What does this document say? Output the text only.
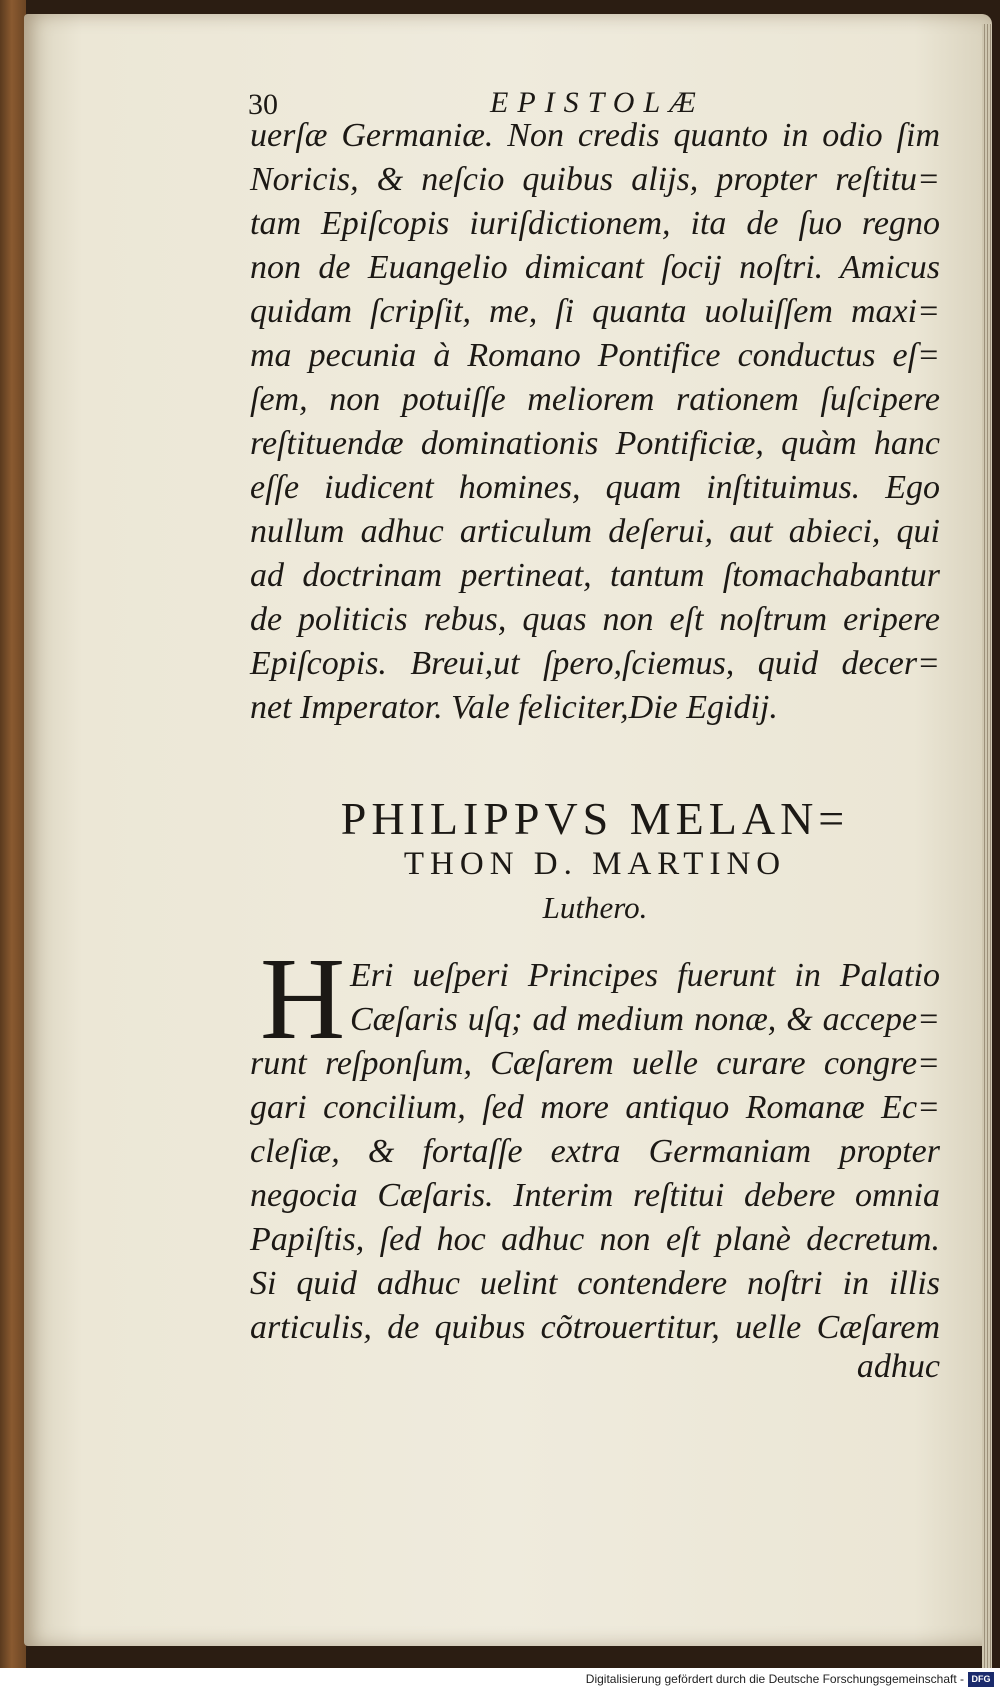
30	EPISTOLÆ
uerſæ Germaniæ. Non credis quanto in odio ſim
Noricis, & neſcio quibus alijs, propter reſtitu=
tam Epiſcopis iuriſdictionem, ita de ſuo regno
non de Euangelio dimicant ſocij noſtri. Amicus
quidam ſcripſit, me, ſi quanta uoluiſſem maxi=
ma pecunia à Romano Pontifice conductus eſ=
ſem, non potuiſſe meliorem rationem ſuſcipere
reſtituendæ dominationis Pontificiæ, quàm hanc
eſſe iudicent homines, quam inſtituimus. Ego
nullum adhuc articulum deſerui, aut abieci, qui
ad doctrinam pertineat, tantum ſtomachabantur
de politicis rebus, quas non eſt noſtrum eripere
Epiſcopis. Breui,ut ſpero,ſciemus, quid decer=
net Imperator. Vale feliciter,Die Egidij.
PHILIPPVS MELAN=
THON D. MARTINO
Luthero.
H Eri ueſperi Principes fuerunt in Palatio
Cæſaris uſq; ad medium nonæ, & accepe=
runt reſponſum, Cæſarem uelle curare congre=
gari concilium, ſed more antiquo Romanæ Ec=
cleſiæ, & fortaſſe extra Germaniam propter
negocia Cæſaris. Interim reſtitui debere omnia
Papiſtis, ſed hoc adhuc non eſt planè decretum.
Si quid adhuc uelint contendere noſtri in illis
articulis, de quibus cõtrouertitur, uelle Cæſarem
adhuc
Digitalisierung gefördert durch die Deutsche Forschungsgemeinschaft - DFG
